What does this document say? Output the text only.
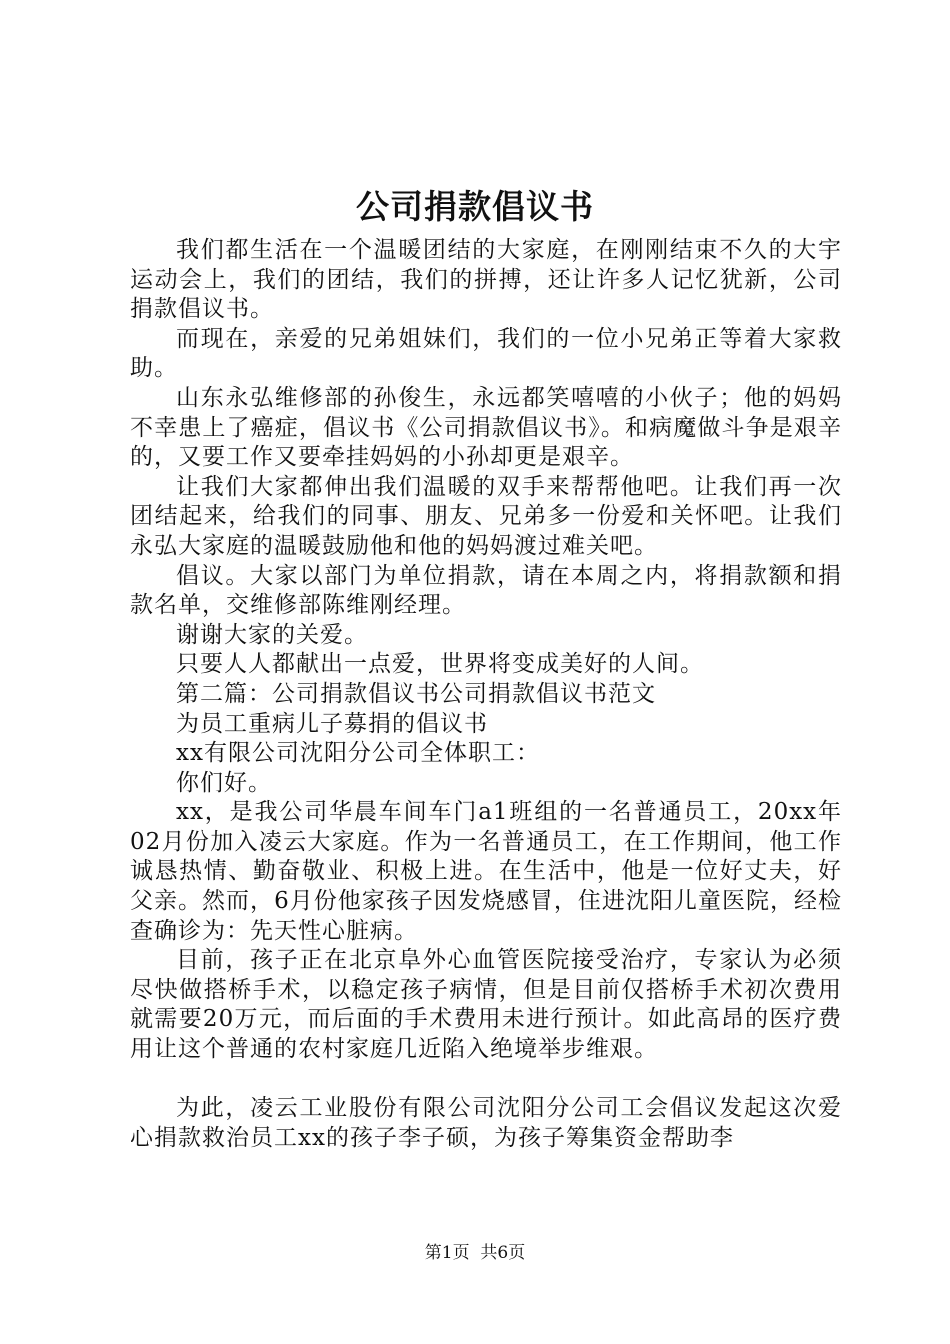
公司捐款倡议书

我们都生活在一个温暖团结的大家庭，在刚刚结束不久的大宇运动会上，我们的团结，我们的拼搏，还让许多人记忆犹新，公司捐款倡议书。

而现在，亲爱的兄弟姐妹们，我们的一位小兄弟正等着大家救助。

山东永弘维修部的孙俊生，永远都笑嘻嘻的小伙子；他的妈妈不幸患上了癌症，倡议书《公司捐款倡议书》。和病魔做斗争是艰辛的，又要工作又要牵挂妈妈的小孙却更是艰辛。

让我们大家都伸出我们温暖的双手来帮帮他吧。让我们再一次团结起来，给我们的同事、朋友、兄弟多一份爱和关怀吧。让我们永弘大家庭的温暖鼓励他和他的妈妈渡过难关吧。

倡议。大家以部门为单位捐款，请在本周之内，将捐款额和捐款名单，交维修部陈维刚经理。

谢谢大家的关爱。

只要人人都献出一点爱，世界将变成美好的人间。

第二篇：公司捐款倡议书公司捐款倡议书范文

为员工重病儿子募捐的倡议书

xx有限公司沈阳分公司全体职工：

你们好。

xx，是我公司华晨车间车门a1班组的一名普通员工，20xx年02月份加入凌云大家庭。作为一名普通员工，在工作期间，他工作诚恳热情、勤奋敬业、积极上进。在生活中，他是一位好丈夫，好父亲。然而，6月份他家孩子因发烧感冒，住进沈阳儿童医院，经检查确诊为：先天性心脏病。

目前，孩子正在北京阜外心血管医院接受治疗，专家认为必须尽快做搭桥手术，以稳定孩子病情，但是目前仅搭桥手术初次费用就需要20万元，而后面的手术费用未进行预计。如此高昂的医疗费用让这个普通的农村家庭几近陷入绝境举步维艰。

为此，凌云工业股份有限公司沈阳分公司工会倡议发起这次爱心捐款救治员工xx的孩子李子硕，为孩子筹集资金帮助李

第1页 共6页
